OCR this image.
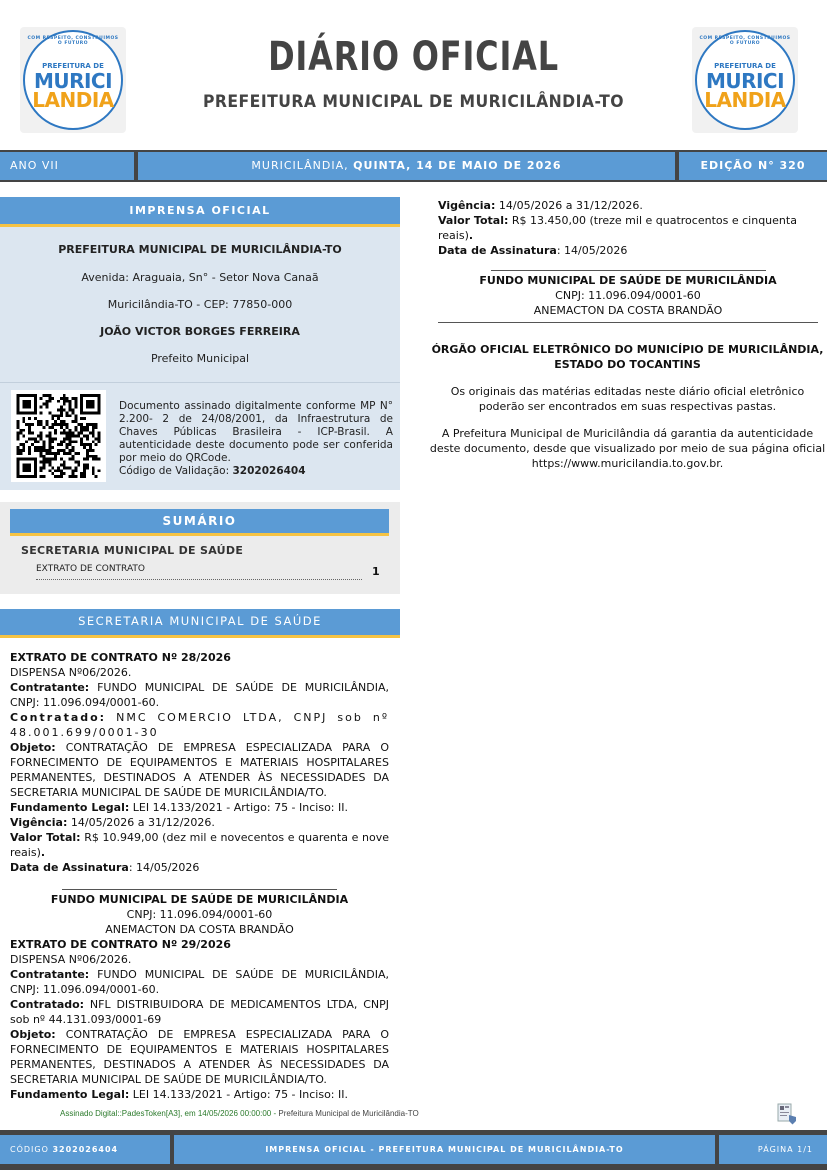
COM RESPEITO, CONSTRUIMOS O FUTURO
PREFEITURA DE
MURICI
LANDIA
DIÁRIO OFICIAL
PREFEITURA MUNICIPAL DE MURICILÂNDIA-TO
COM RESPEITO, CONSTRUIMOS O FUTURO
PREFEITURA DE
MURICI
LANDIA
ANO VII	MURICILÂNDIA, QUINTA, 14 DE MAIO DE 2026	EDIÇÃO N° 320
IMPRENSA OFICIAL
PREFEITURA MUNICIPAL DE MURICILÂNDIA-TO
Avenida: Araguaia, Sn° - Setor Nova Canaã
Muricilândia-TO - CEP: 77850-000
JOÃO VICTOR BORGES FERREIRA
Prefeito Municipal
Documento assinado digitalmente conforme MP N° 2.200- 2 de 24/08/2001, da Infraestrutura de Chaves Públicas Brasileira - ICP-Brasil. A autenticidade deste documento pode ser conferida por meio do QRCode.
Código de Validação: 3202026404
SUMÁRIO
SECRETARIA MUNICIPAL DE SAÚDE
EXTRATO DE CONTRATO	1
SECRETARIA MUNICIPAL DE SAÚDE

EXTRATO DE CONTRATO Nº 28/2026

DISPENSA Nº06/2026.

Contratante: FUNDO MUNICIPAL DE SAÚDE DE MURICILÂNDIA, CNPJ: 11.096.094/0001-60.

Contratado: NMC COMERCIO LTDA, CNPJ sob nº 48.001.699/0001-30

Objeto: CONTRATAÇÃO DE EMPRESA ESPECIALIZADA PARA O FORNECIMENTO DE EQUIPAMENTOS E MATERIAIS HOSPITALARES PERMANENTES, DESTINADOS A ATENDER ÀS NECESSIDADES DA SECRETARIA MUNICIPAL DE SAÚDE DE MURICILÂNDIA/TO.

Fundamento Legal: LEI 14.133/2021 - Artigo: 75 - Inciso: II.

Vigência: 14/05/2026 a 31/12/2026.

Valor Total: R$ 10.949,00 (dez mil e novecentos e quarenta e nove reais).

Data de Assinatura: 14/05/2026

FUNDO MUNICIPAL DE SAÚDE DE MURICILÂNDIA

CNPJ: 11.096.094/0001-60

ANEMACTON DA COSTA BRANDÃO

EXTRATO DE CONTRATO Nº 29/2026

DISPENSA Nº06/2026.

Contratante: FUNDO MUNICIPAL DE SAÚDE DE MURICILÂNDIA, CNPJ: 11.096.094/0001-60.

Contratado: NFL DISTRIBUIDORA DE MEDICAMENTOS LTDA, CNPJ sob nº 44.131.093/0001-69

Objeto: CONTRATAÇÃO DE EMPRESA ESPECIALIZADA PARA O FORNECIMENTO DE EQUIPAMENTOS E MATERIAIS HOSPITALARES PERMANENTES, DESTINADOS A ATENDER ÀS NECESSIDADES DA SECRETARIA MUNICIPAL DE SAÚDE DE MURICILÂNDIA/TO.

Fundamento Legal: LEI 14.133/2021 - Artigo: 75 - Inciso: II.

Vigência: 14/05/2026 a 31/12/2026.

Valor Total: R$ 13.450,00 (treze mil e quatrocentos e cinquenta reais).

Data de Assinatura: 14/05/2026

FUNDO MUNICIPAL DE SAÚDE DE MURICILÂNDIA

CNPJ: 11.096.094/0001-60

ANEMACTON DA COSTA BRANDÃO

ÓRGÃO OFICIAL ELETRÔNICO DO MUNICÍPIO DE MURICILÂNDIA, ESTADO DO TOCANTINS

Os originais das matérias editadas neste diário oficial eletrônico poderão ser encontrados em suas respectivas pastas.

A Prefeitura Municipal de Muricilândia dá garantia da autenticidade deste documento, desde que visualizado por meio de sua página oficial https://www.muricilandia.to.gov.br.

Assinado Digital::PadesToken[A3], em 14/05/2026 00:00:00 - Prefeitura Municipal de Muricilândia-TO
CÓDIGO 3202026404	IMPRENSA OFICIAL - PREFEITURA MUNICIPAL DE MURICILÂNDIA-TO	PÁGINA 1/1
